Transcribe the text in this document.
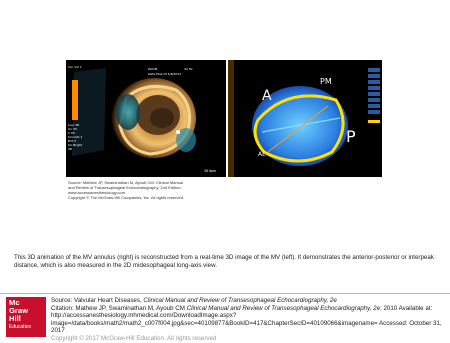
ZOOM
Date Mod Of 5/8/2012
44 Hz
Vol. Vol 1
Live 3D
Gn 50
C 65
Smooth 1
Brit 5
SA Bright
3D
36 bpm
A
PM
P
AL
Source: Mathew JP, Swaminathan M, Ayoub CM: Clinical Manual
and Review of Transesophageal Echocardiography, 2nd Edition:
www.accessanesthesiology.com
Copyright © The McGraw-Hill Companies, Inc. All rights reserved.
This 3D animation of the MV annulus (right) is reconstructed from a real-time 3D image of the MV (left). It demonstrates the anterior-posterior or interpeak distance, which is also measured in the 2D midesophageal long-axis view.
Mc
Graw
Hill
Education
Source: Valvular Heart Diseases, Clinical Manual and Review of Transesophageal Echocardiography, 2e
Citation: Mathew JP, Swaminathan M, Ayoub CM Clinical Manual and Review of Transesophageal Echocardiography, 2e; 2010 Available at: http://accessanesthesiology.mhmedical.com/DownloadImage.aspx?image=/data/books/math2/math2_c007f004.jpg&sec=40109877&BookID=417&ChapterSecID=40109066&imagename= Accessed: October 31, 2017
Copyright © 2017 McGraw-Hill Education. All rights reserved
